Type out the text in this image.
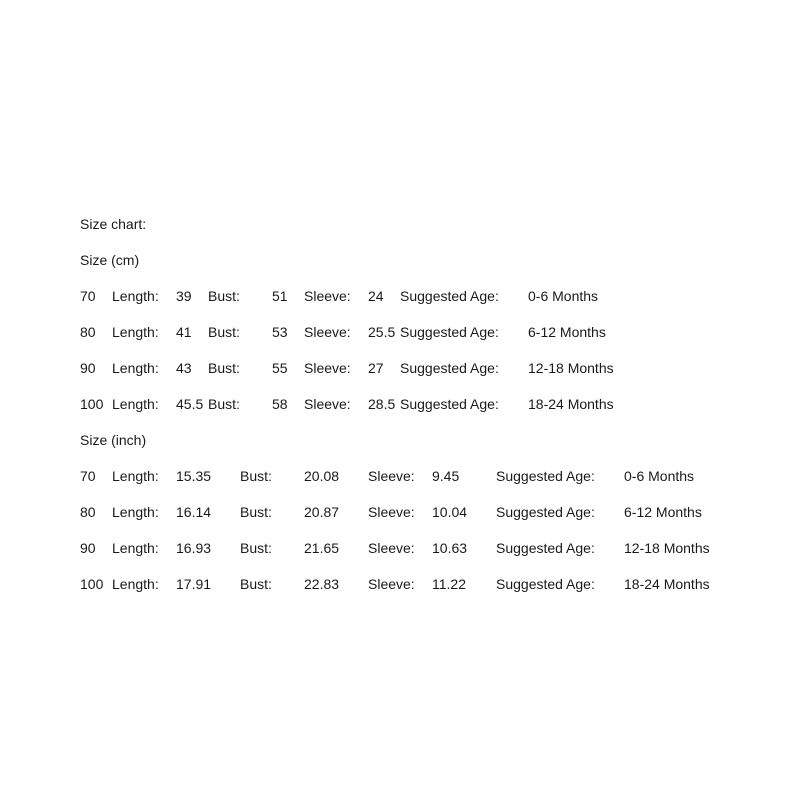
Size chart:
Size (cm)
70 Length: 39 Bust: 51 Sleeve: 24 Suggested Age: 0-6 Months
80 Length: 41 Bust: 53 Sleeve: 25.5 Suggested Age: 6-12 Months
90 Length: 43 Bust: 55 Sleeve: 27 Suggested Age: 12-18 Months
100 Length: 45.5 Bust: 58 Sleeve: 28.5 Suggested Age: 18-24 Months
Size (inch)
70 Length: 15.35 Bust: 20.08 Sleeve: 9.45	Suggested Age: 0-6 Months
80 Length: 16.14 Bust: 20.87 Sleeve: 10.04 Suggested Age: 6-12 Months
90 Length: 16.93 Bust: 21.65 Sleeve: 10.63 Suggested Age: 12-18 Months
100 Length: 17.91 Bust: 22.83 Sleeve: 11.22 Suggested Age: 18-24 Months
